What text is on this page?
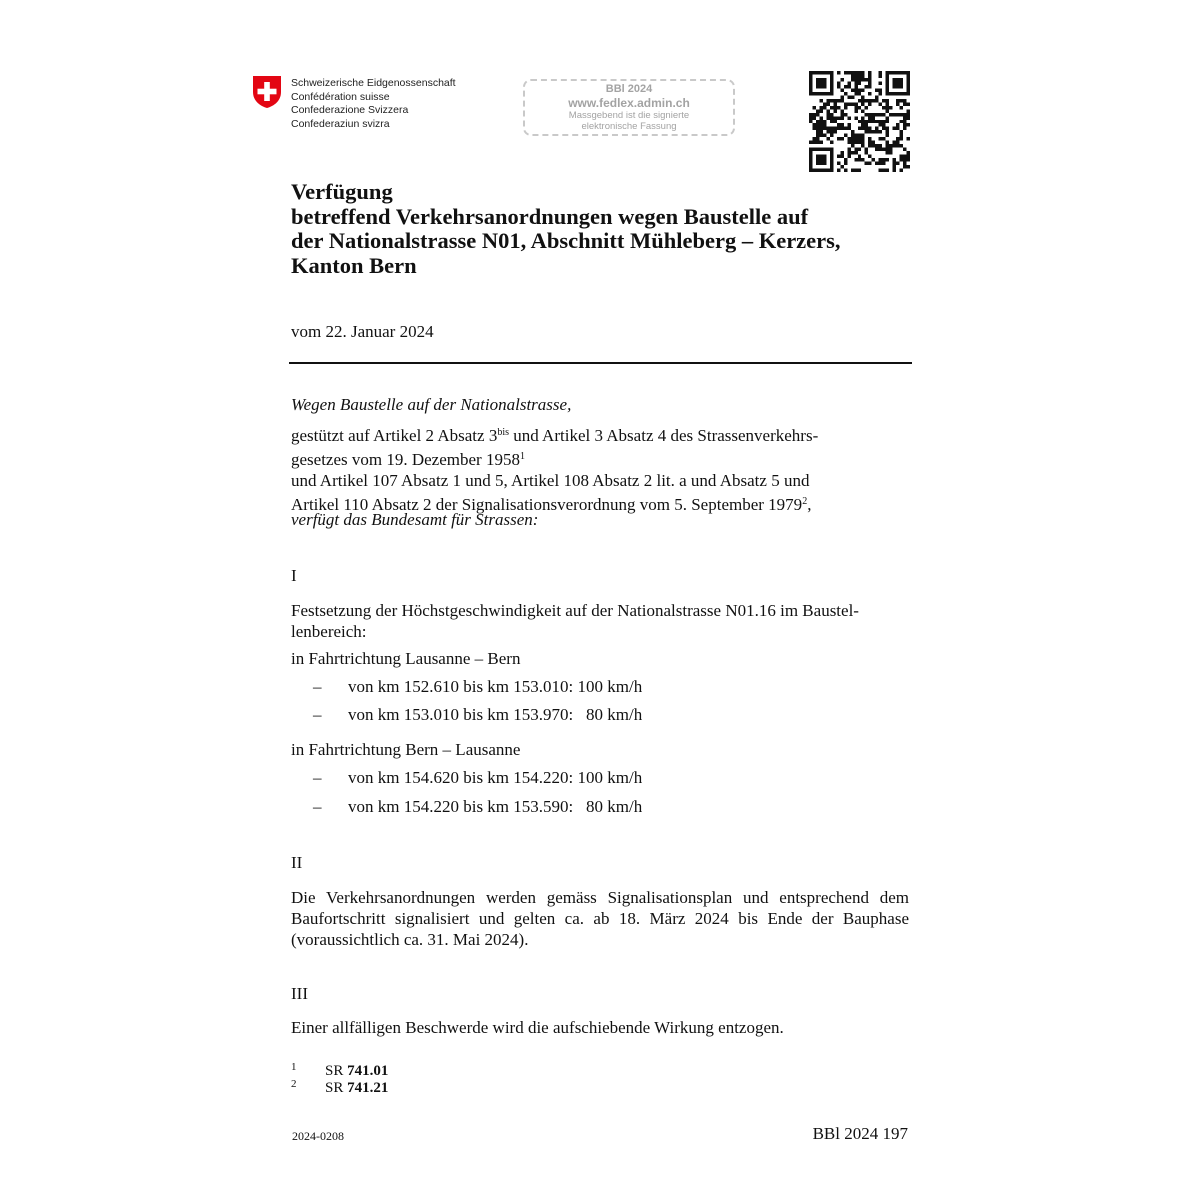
Schweizerische Eidgenossenschaft
Confédération suisse
Confederazione Svizzera
Confederaziun svizra
BBl 2024
www.fedlex.admin.ch
Massgebend ist die signierte
elektronische Fassung
Verfügung
betreffend Verkehrsanordnungen wegen Baustelle auf
der Nationalstrasse N01, Abschnitt Mühleberg – Kerzers,
Kanton Bern
vom 22. Januar 2024
Wegen Baustelle auf der Nationalstrasse,
gestützt auf Artikel 2 Absatz $3^{bis}$ und Artikel 3 Absatz 4 des Strassenverkehrs-
gesetzes vom 19. Dezember 1958$^1$
und Artikel 107 Absatz 1 und 5, Artikel 108 Absatz 2 lit. a und Absatz 5 und
Artikel 110 Absatz 2 der Signalisationsverordnung vom 5. September 1979$^2$,
verfügt das Bundesamt für Strassen:
I
Festsetzung der Höchstgeschwindigkeit auf der Nationalstrasse N01.16 im Baustel-
lenbereich:
in Fahrtrichtung Lausanne – Bern
– von km 152.610 bis km 153.010: 100 km/h
– von km 153.010 bis km 153.970:   80 km/h
in Fahrtrichtung Bern – Lausanne
– von km 154.620 bis km 154.220: 100 km/h
– von km 154.220 bis km 153.590:   80 km/h
II
Die Verkehrsanordnungen werden gemäss Signalisationsplan und entsprechend dem Baufortschritt signalisiert und gelten ca. ab 18. März 2024 bis Ende der Bauphase (voraussichtlich ca. 31. Mai 2024).
III
Einer allfälligen Beschwerde wird die aufschiebende Wirkung entzogen.
1 SR 741.01
2 SR 741.21
2024-0208	BBl 2024 197
